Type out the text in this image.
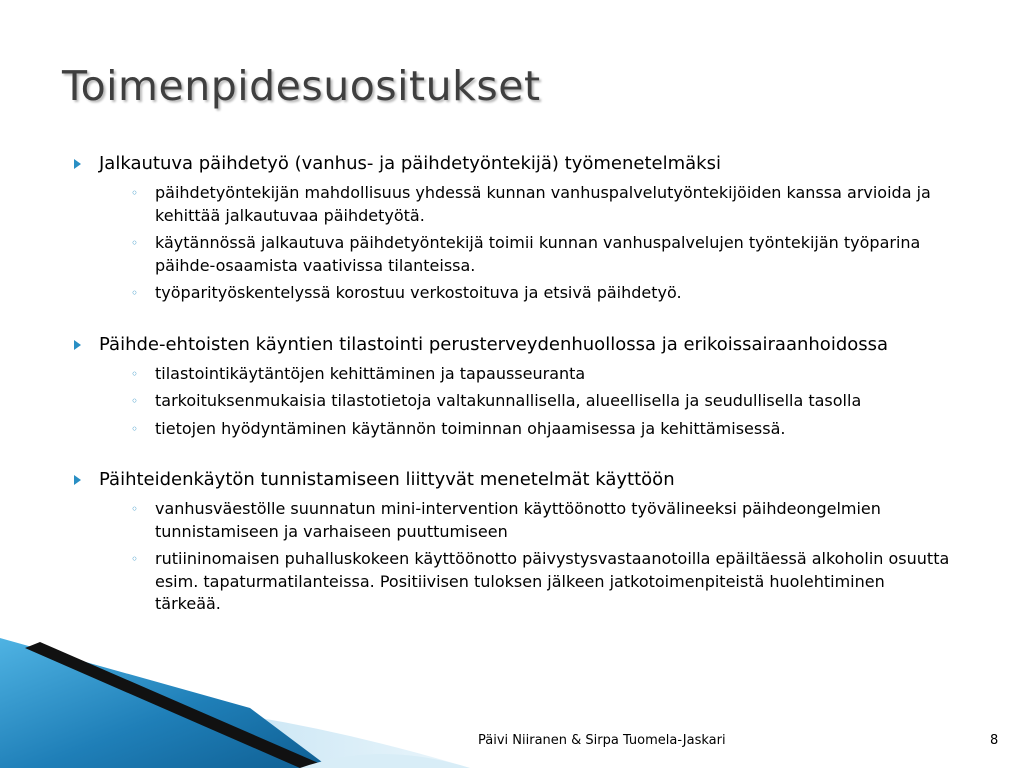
Toimenpidesuositukset
Jalkautuva päihdetyö (vanhus- ja päihdetyöntekijä) työmenetelmäksi
◦ päihdetyöntekijän mahdollisuus yhdessä kunnan vanhuspalvelutyöntekijöiden kanssa arvioida ja kehittää jalkautuvaa päihdetyötä.
◦ käytännössä jalkautuva päihdetyöntekijä toimii kunnan vanhuspalvelujen työntekijän työparina päihde-osaamista vaativissa tilanteissa.
◦ työparityöskentelyssä korostuu verkostoituva ja etsivä päihdetyö.
Päihde-ehtoisten käyntien tilastointi perusterveydenhuollossa ja erikoissairaanhoidossa
◦ tilastointikäytäntöjen kehittäminen ja tapausseuranta
◦ tarkoituksenmukaisia tilastotietoja valtakunnallisella, alueellisella ja seudullisella tasolla
◦ tietojen hyödyntäminen käytännön toiminnan ohjaamisessa ja kehittämisessä.
Päihteidenkäytön tunnistamiseen liittyvät menetelmät käyttöön
◦ vanhusväestölle suunnatun mini-intervention käyttöönotto työvälineeksi päihdeongelmien tunnistamiseen ja varhaiseen puuttumiseen
◦ rutiininomaisen puhalluskokeen käyttöönotto päivystysvastaanotoilla epäiltäessä alkoholin osuutta esim. tapaturmatilanteissa. Positiivisen tuloksen jälkeen jatkotoimenpiteistä huolehtiminen tärkeää.
Päivi Niiranen & Sirpa Tuomela-Jaskari	8
